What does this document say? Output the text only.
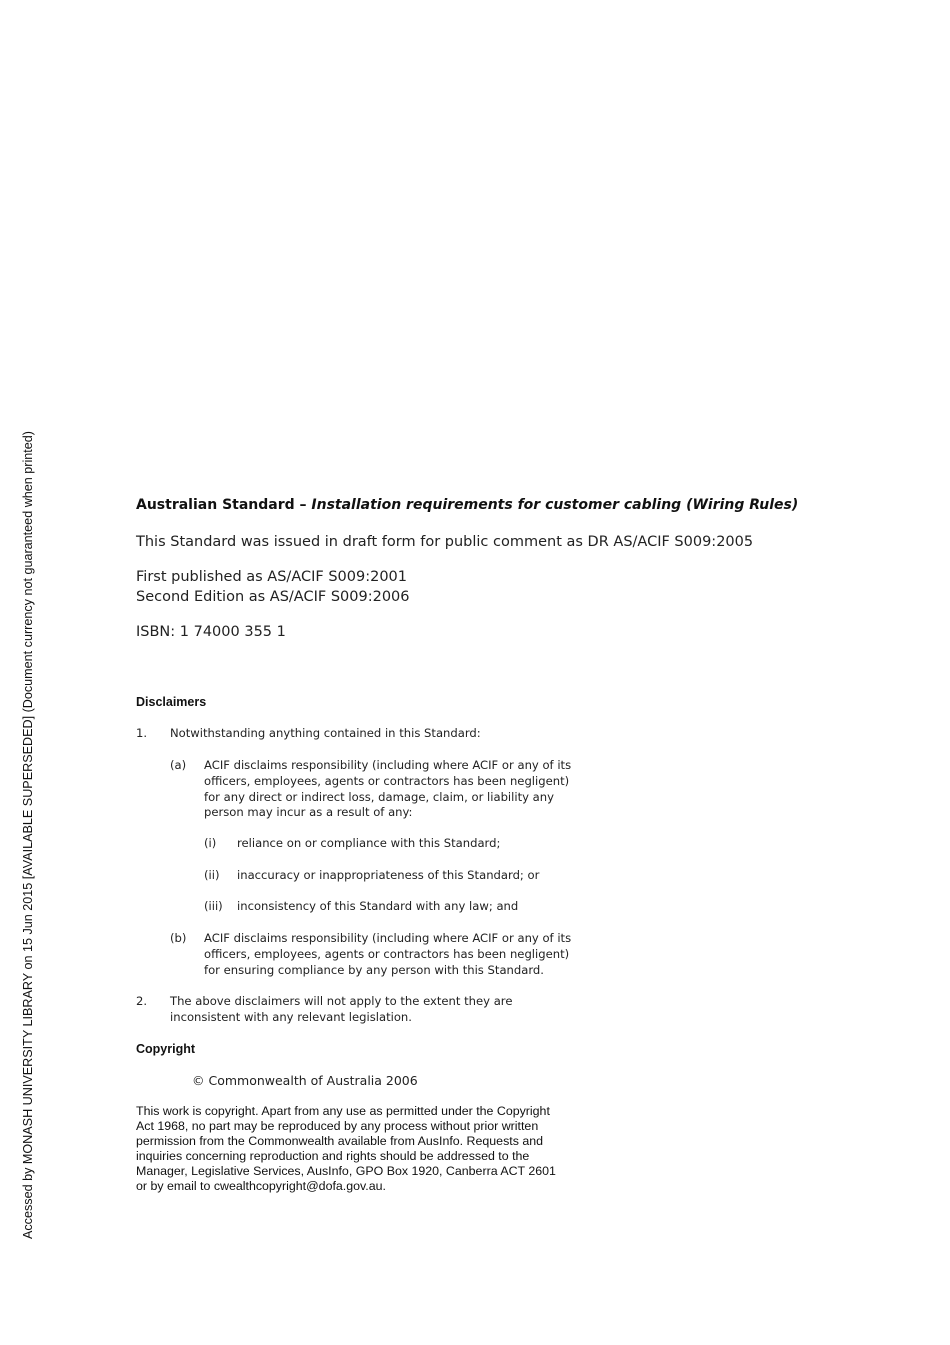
Accessed by MONASH UNIVERSITY LIBRARY on 15 Jun 2015 [AVAILABLE SUPERSEDED] (Document currency not guaranteed when printed)	Australian Standard – Installation requirements for customer cabling (Wiring Rules)
This Standard was issued in draft form for public comment as DR AS/ACIF S009:2005
First published as AS/ACIF S009:2001
Second Edition as AS/ACIF S009:2006
ISBN: 1 74000 355 1
Disclaimers
1. Notwithstanding anything contained in this Standard:
(a) ACIF disclaims responsibility (including where ACIF or any of its
officers, employees, agents or contractors has been negligent)
for any direct or indirect loss, damage, claim, or liability any
person may incur as a result of any:
(i) reliance on or compliance with this Standard;
(ii) inaccuracy or inappropriateness of this Standard; or
(iii) inconsistency of this Standard with any law; and
(b) ACIF disclaims responsibility (including where ACIF or any of its
officers, employees, agents or contractors has been negligent)
for ensuring compliance by any person with this Standard.
2. The above disclaimers will not apply to the extent they are
inconsistent with any relevant legislation.
Copyright
© Commonwealth of Australia 2006
This work is copyright. Apart from any use as permitted under the Copyright
Act 1968, no part may be reproduced by any process without prior written
permission from the Commonwealth available from AusInfo. Requests and
inquiries concerning reproduction and rights should be addressed to the
Manager, Legislative Services, AusInfo, GPO Box 1920, Canberra ACT 2601
or by email to cwealthcopyright@dofa.gov.au.
